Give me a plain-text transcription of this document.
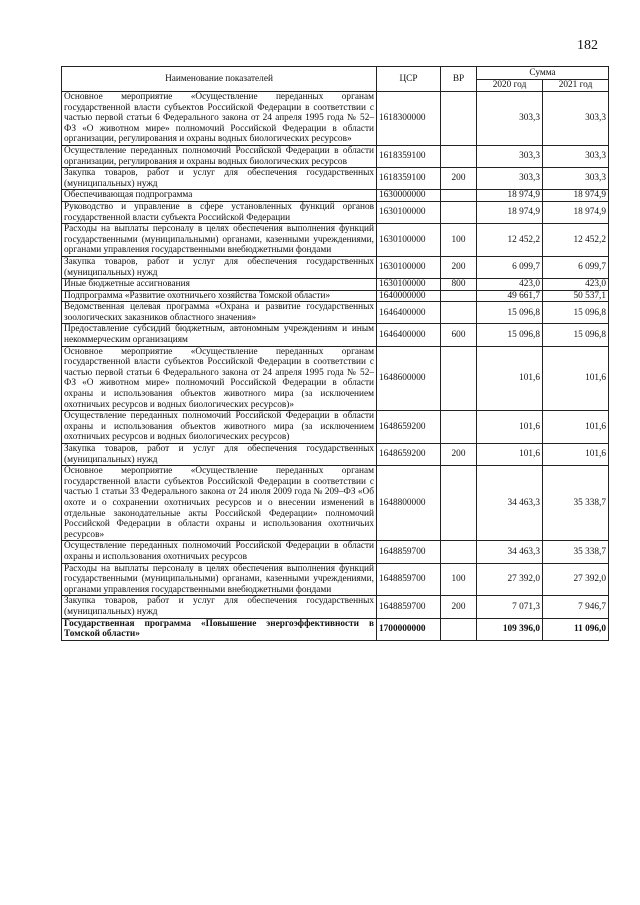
182
Наименование показателей	ЦСР	ВР	Сумма	
			2020 год	2021 год
Основное мероприятие «Осуществление переданных органам государственной власти субъектов Российской Федерации в соответствии с частью первой статьи 6 Федерального закона от 24 апреля 1995 года № 52–ФЗ «О животном мире» полномочий Российской Федерации в области организации, регулирования и охраны водных биологических ресурсов»	1618300000		303,3	303,3
Осуществление переданных полномочий Российской Федерации в области организации, регулирования и охраны водных биологических ресурсов	1618359100		303,3	303,3
Закупка товаров, работ и услуг для обеспечения государственных (муниципальных) нужд	1618359100	200	303,3	303,3
Обеспечивающая подпрограмма	1630000000		18 974,9	18 974,9
Руководство и управление в сфере установленных функций органов государственной власти субъекта Российской Федерации	1630100000		18 974,9	18 974,9
Расходы на выплаты персоналу в целях обеспечения выполнения функций государственными (муниципальными) органами, казенными учреждениями, органами управления государственными внебюджетными фондами	1630100000	100	12 452,2	12 452,2
Закупка товаров, работ и услуг для обеспечения государственных (муниципальных) нужд	1630100000	200	6 099,7	6 099,7
Иные бюджетные ассигнования	1630100000	800	423,0	423,0
Подпрограмма «Развитие охотничьего хозяйства Томской области»	1640000000		49 661,7	50 537,1
Ведомственная целевая программа «Охрана и развитие государственных зоологических заказников областного значения»	1646400000		15 096,8	15 096,8
Предоставление субсидий бюджетным, автономным учреждениям и иным некоммерческим организациям	1646400000	600	15 096,8	15 096,8
Основное мероприятие «Осуществление переданных органам государственной власти субъектов Российской Федерации в соответствии с частью первой статьи 6 Федерального закона от 24 апреля 1995 года № 52–ФЗ «О животном мире» полномочий Российской Федерации в области охраны и использования объектов животного мира (за исключением охотничьих ресурсов и водных биологических ресурсов)»	1648600000		101,6	101,6
Осуществление переданных полномочий Российской Федерации в области охраны и использования объектов животного мира (за исключением охотничьих ресурсов и водных биологических ресурсов)	1648659200		101,6	101,6
Закупка товаров, работ и услуг для обеспечения государственных (муниципальных) нужд	1648659200	200	101,6	101,6
Основное мероприятие «Осуществление переданных органам государственной власти субъектов Российской Федерации в соответствии с частью 1 статьи 33 Федерального закона от 24 июля 2009 года № 209–ФЗ «Об охоте и о сохранении охотничьих ресурсов и о внесении изменений в отдельные законодательные акты Российской Федерации» полномочий Российской Федерации в области охраны и использования охотничьих ресурсов»	1648800000		34 463,3	35 338,7
Осуществление переданных полномочий Российской Федерации в области охраны и использования охотничьих ресурсов	1648859700		34 463,3	35 338,7
Расходы на выплаты персоналу в целях обеспечения выполнения функций государственными (муниципальными) органами, казенными учреждениями, органами управления государственными внебюджетными фондами	1648859700	100	27 392,0	27 392,0
Закупка товаров, работ и услуг для обеспечения государственных (муниципальных) нужд	1648859700	200	7 071,3	7 946,7
Государственная программа «Повышение энергоэффективности в Томской области»	1700000000		109 396,0	11 096,0
